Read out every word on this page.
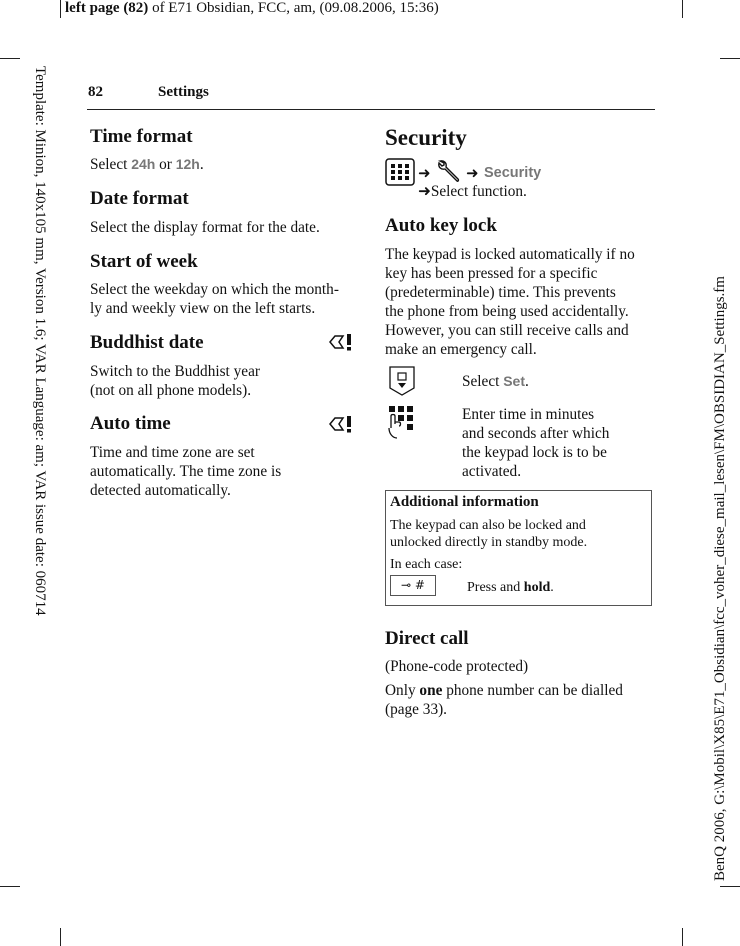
left page (82) of E71 Obsidian, FCC, am, (09.08.2006, 15:36)
Template: Minion, 140x105 mm, Version 1.6; VAR Language: am; VAR issue date: 060714	BenQ 2006, G:\Mobil\X85\E71_Obsidian\fcc_voher_diese_mail_lesen\FM\OBSIDIAN_Settings.fm
82	Settings
Time format
Select 24h or 12h.
Date format
Select the display format for the date.
Start of week
Select the weekday on which the month-
ly and weekly view on the left starts.
Buddhist date
Switch to the Buddhist year
(not on all phone models).
Auto time
Time and time zone are set
automatically. The time zone is
detected automatically.
Security
➜ ➜ Security
➜Select function.
Auto key lock
The keypad is locked automatically if no
key has been pressed for a specific
(predeterminable) time. This prevents
the phone from being used accidentally.
However, you can still receive calls and
make an emergency call.
Select Set.
Enter time in minutes
and seconds after which
the keypad lock is to be
activated.
Additional information
The keypad can also be locked and
unlocked directly in standby mode.
In each case:
⊸ #	Press and hold.
Direct call
(Phone-code protected)
Only one phone number can be dialled
(page 33).
